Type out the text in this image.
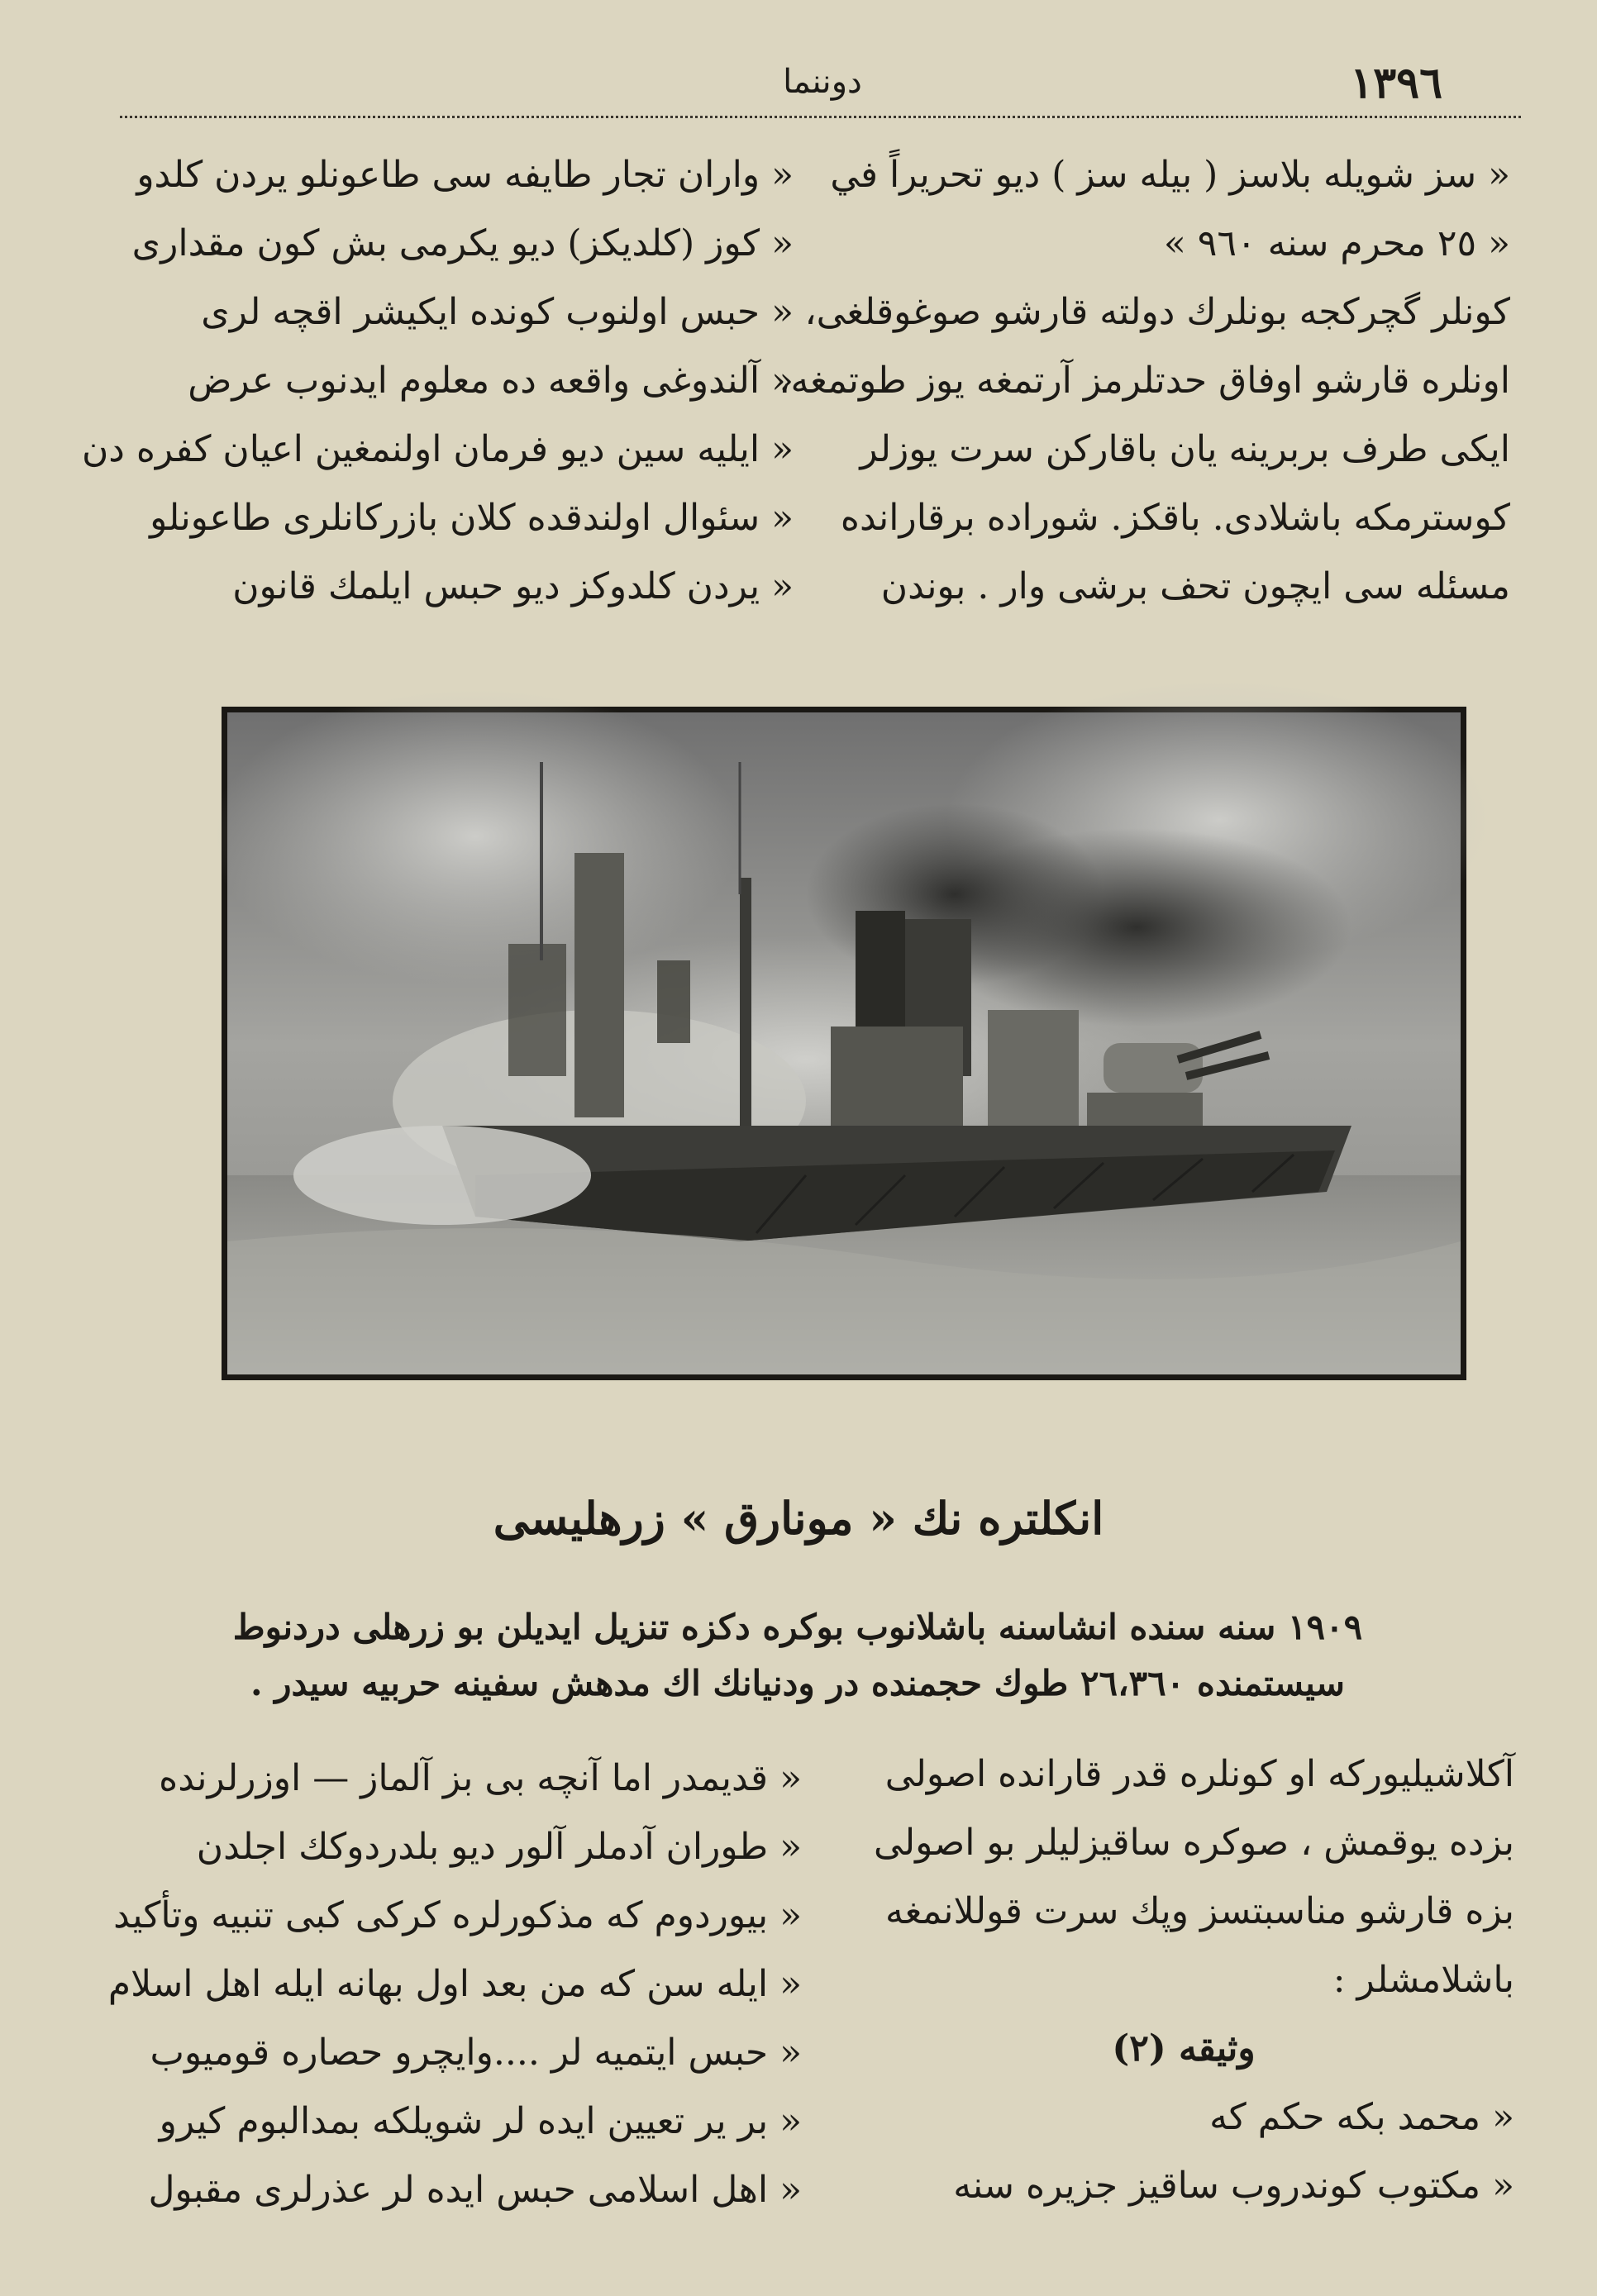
١٣٩٦
دوننما
« سز شويله بلاسز ( بيله سز ) ديو تحريراً في
« ٢٥ محرم سنه ٩٦٠ »
كونلر گچركجه بونلرك دولته قارشو صوغوقلغى،
اونلره قارشو اوفاق حدتلرمز آرتمغه يوز طوتمغه،
ايكى طرف بربرينه يان باقاركن سرت يوزلر
كوسترمكه باشلادى. باقكز. شوراده برقارانده
مسئله سى ايچون تحف برشى وار . بوندن
« واران تجار طايفه سى طاعونلو يردن كلدو
« كوز (كلديكز) ديو يكرمى بش كون مقدارى
« حبس اولنوب كونده ايكيشر اقچه لرى
« آلندوغى واقعه ده معلوم ايدنوب عرض
« ايليه سين ديو فرمان اولنمغين اعيان كفره دن
« سئوال اولندقده كلان بازركانلرى طاعونلو
« يردن كلدوكز ديو حبس ايلمك قانون
انكلتره نك « مونارق » زرهليسى
١٩٠٩ سنه سنده انشاسنه باشلانوب بوكره دكزه تنزيل ايديلن بو زرهلى دردنوط سيستمنده ٢٦،٣٦٠ طوك حجمنده در ودنيانك اك مدهش سفينه حربيه سيدر .
آكلاشيليوركه او كونلره قدر قارانده اصولى
بزده يوقمش ، صوكره ساقيزليلر بو اصولى
بزه قارشو مناسبتسز وپك سرت قوللانمغه
باشلامشلر :
وثيقه (٢)
« محمد بكه حكم كه
« مكتوب كوندروب ساقيز جزيره سنه
« قديمدر اما آنچه بى بز آلماز — اوزرلرنده
« طوران آدملر آلور ديو بلدردوكك اجلدن
« بيوردوم كه مذكورلره كركى كبى تنبيه وتأكيد
« ايله سن كه من بعد اول بهانه ايله اهل اسلام
« حبس ايتميه لر ....وايچرو حصاره قوميوب
« بر ير تعيين ايده لر شويلكه بمدالبوم كيرو
« اهل اسلامى حبس ايده لر عذرلرى مقبول
